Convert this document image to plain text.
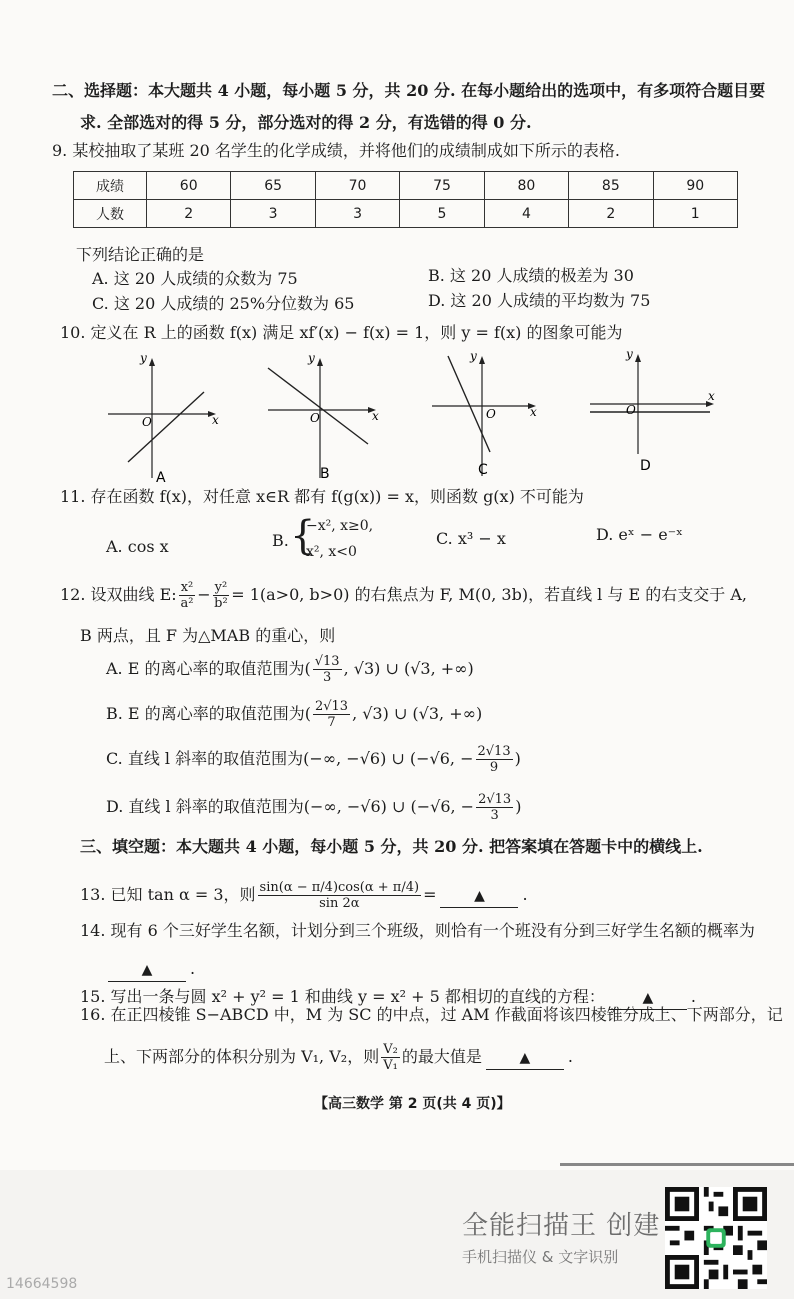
二、选择题：本大题共 4 小题，每小题 5 分，共 20 分. 在每小题给出的选项中，有多项符合题目要
求. 全部选对的得 5 分，部分选对的得 2 分，有选错的得 0 分.
9. 某校抽取了某班 20 名学生的化学成绩，并将他们的成绩制成如下所示的表格.
成绩	60	65	70	75	80	85	90
人数	2	3	3	5	4	2	1
下列结论正确的是
A. 这 20 人成绩的众数为 75	B. 这 20 人成绩的极差为 30
C. 这 20 人成绩的 25%分位数为 65	D. 这 20 人成绩的平均数为 75
10. 定义在 R 上的函数 f(x) 满足 xf′(x) − f(x) = 1，则 y = f(x) 的图象可能为
y
x
O
A
y
x
O
B
y
x
O
C
y
x
O
D
11. 存在函数 f(x)，对任意 x∈R 都有 f(g(x)) = x，则函数 g(x) 不可能为
A. cos x	B. {
−x², x≥0,
x², x<0
C. x³ − x	D. eˣ − e⁻ˣ
12. 设双曲线 E: $\frac{\text{x²}}{\text{a²}} - \frac{\text{y²}}{\text{b²}} = 1(a>0$, b>0) 的右焦点为 F, M(0, 3b)，若直线 l 与 E 的右支交于 A,
B 两点，且 F 为△MAB 的重心，则
A. E 的离心率的取值范围为( $\frac{√13}{3}$ , √3) ∪ (√3, +∞)
B. E 的离心率的取值范围为( $\frac{2√13}{7}$ , √3) ∪ (√3, +∞)
C. 直线 l 斜率的取值范围为(−∞, −√6) ∪ (−√6, − $\frac{2√13}{9}$ )
D. 直线 l 斜率的取值范围为(−∞, −√6) ∪ (−√6, − $\frac{2√13}{3}$ )
三、填空题：本大题共 4 小题，每小题 5 分，共 20 分. 把答案填在答题卡中的横线上.
13. 已知 tan α = 3，则 $\frac{\sin(\alpha - \pi/4)\cos(\alpha + \pi/4)}{\sin 2\alpha}$ =	▲ .
14. 现有 6 个三好学生名额，计划分到三个班级，则恰有一个班没有分到三好学生名额的概率为
▲ .
15. 写出一条与圆 x² + y² = 1 和曲线 y = x² + 5 都相切的直线的方程：	▲ .
16. 在正四棱锥 S−ABCD 中，M 为 SC 的中点，过 AM 作截面将该四棱锥分成上、下两部分，记
上、下两部分的体积分别为 V₁, V₂，则 $\frac{\text{V₂}}{\text{V₁}}$ 的最大值是	▲ .
【高三数学 第 2 页(共 4 页)】
全能扫描王 创建
手机扫描仪 & 文字识别
14664598
